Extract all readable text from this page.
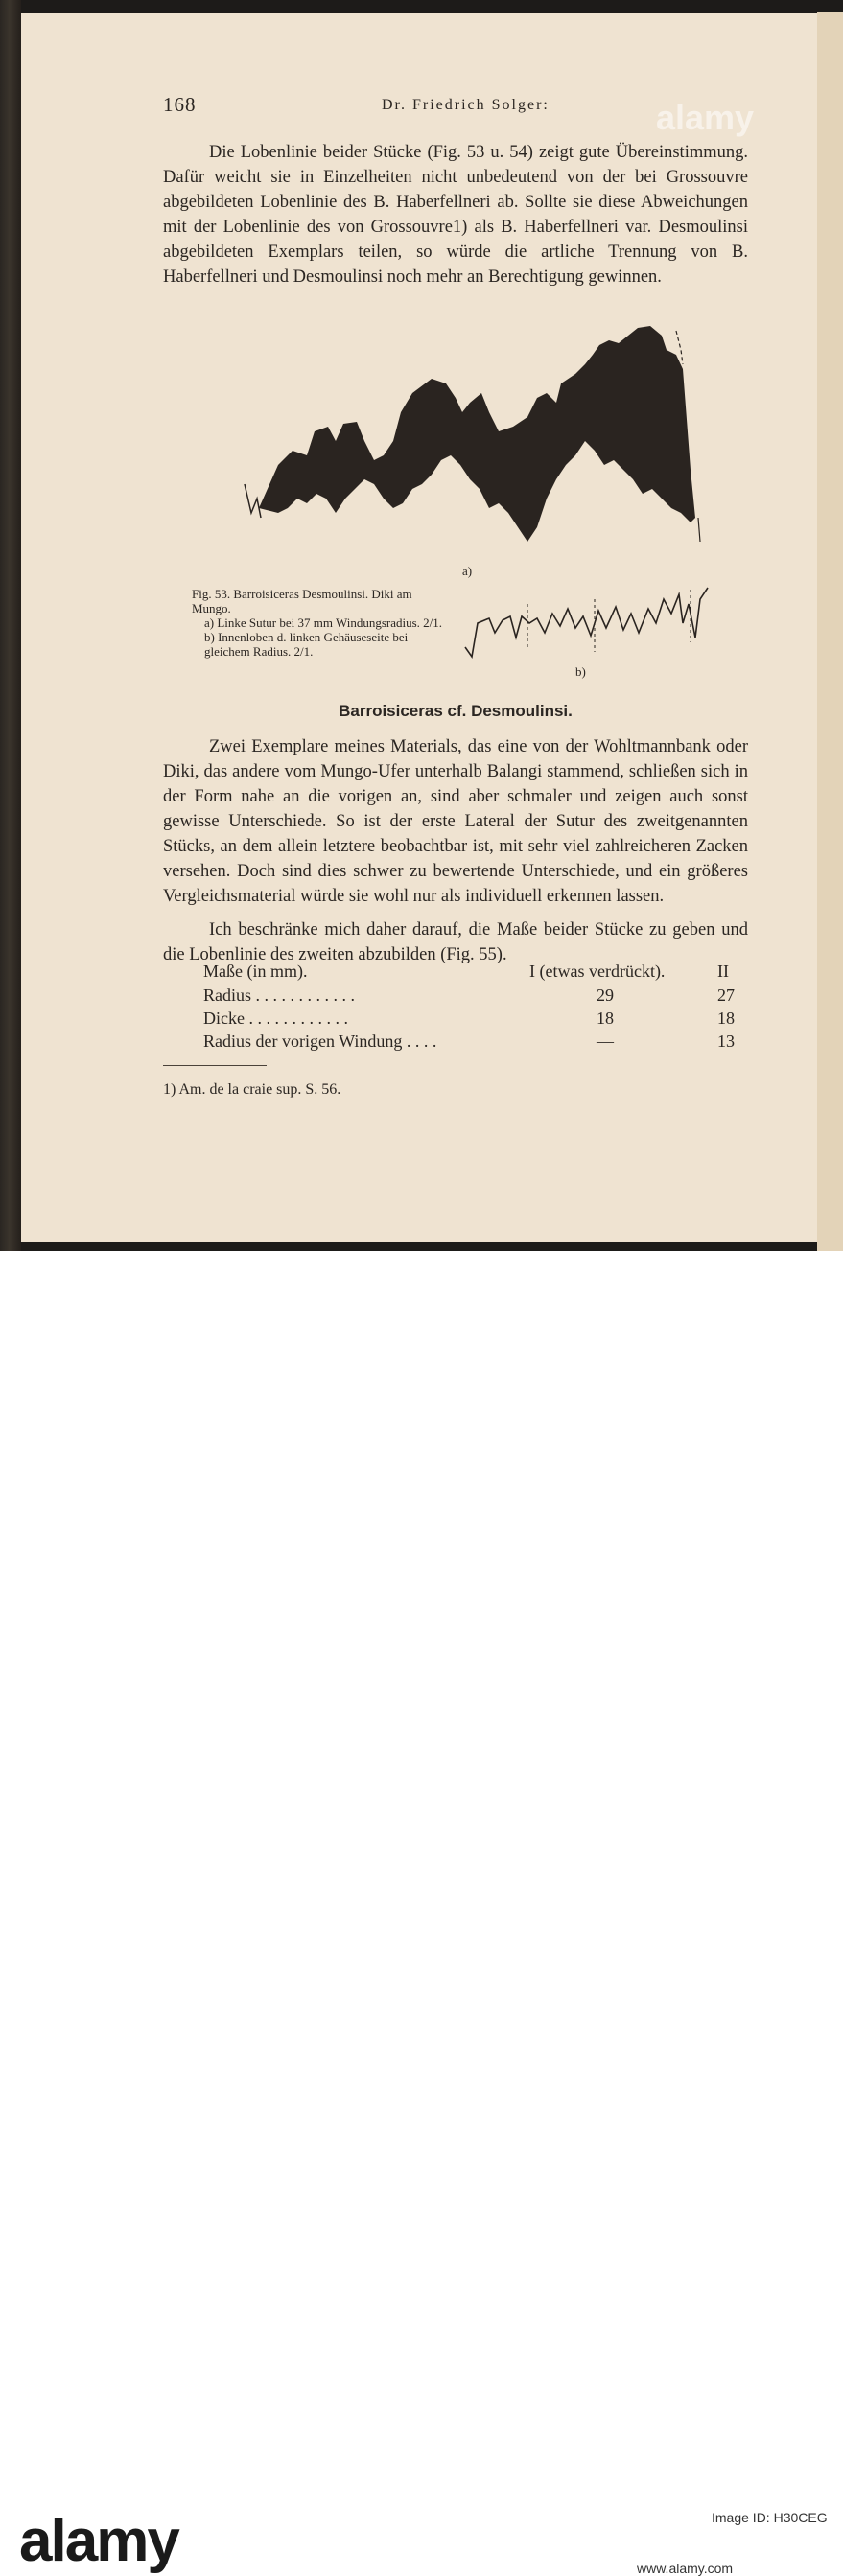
168	Dr. Friedrich Solger:
Die Lobenlinie beider Stücke (Fig. 53 u. 54) zeigt gute Übereinstimmung. Dafür weicht sie in Einzelheiten nicht unbedeutend von der bei Grossouvre abgebildeten Lobenlinie des B. Haberfellneri ab. Sollte sie diese Abweichungen mit der Lobenlinie des von Grossouvre1) als B. Haberfellneri var. Desmoulinsi abgebildeten Exemplars teilen, so würde die artliche Trennung von B. Haberfellneri und Desmoulinsi noch mehr an Berechtigung gewinnen.
a)
Fig. 53. Barroisiceras Desmoulinsi. Diki am Mungo.
a) Linke Sutur bei 37 mm Windungsradius. 2/1.
b) Innenloben d. linken Gehäuseseite bei gleichem Radius. 2/1.
b)
Barroisiceras cf. Desmoulinsi.
Zwei Exemplare meines Materials, das eine von der Wohltmannbank oder Diki, das andere vom Mungo-Ufer unterhalb Balangi stammend, schließen sich in der Form nahe an die vorigen an, sind aber schmaler und zeigen auch sonst gewisse Unterschiede. So ist der erste Lateral der Sutur des zweitgenannten Stücks, an dem allein letztere beobachtbar ist, mit sehr viel zahlreicheren Zacken versehen. Doch sind dies schwer zu bewertende Unterschiede, und ein größeres Vergleichsmaterial würde sie wohl nur als individuell erkennen lassen.
Ich beschränke mich daher darauf, die Maße beider Stücke zu geben und die Lobenlinie des zweiten abzubilden (Fig. 55).
Maße (in mm).	I (etwas verdrückt).	II
Radius . . . . . . . . . . . .	29	27
Dicke . . . . . . . . . . . .	18	18
Radius der vorigen Windung . . . .	—	13
1) Am. de la craie sup. S. 56.
alamy
alamy	Image ID: H30CEG
www.alamy.com
